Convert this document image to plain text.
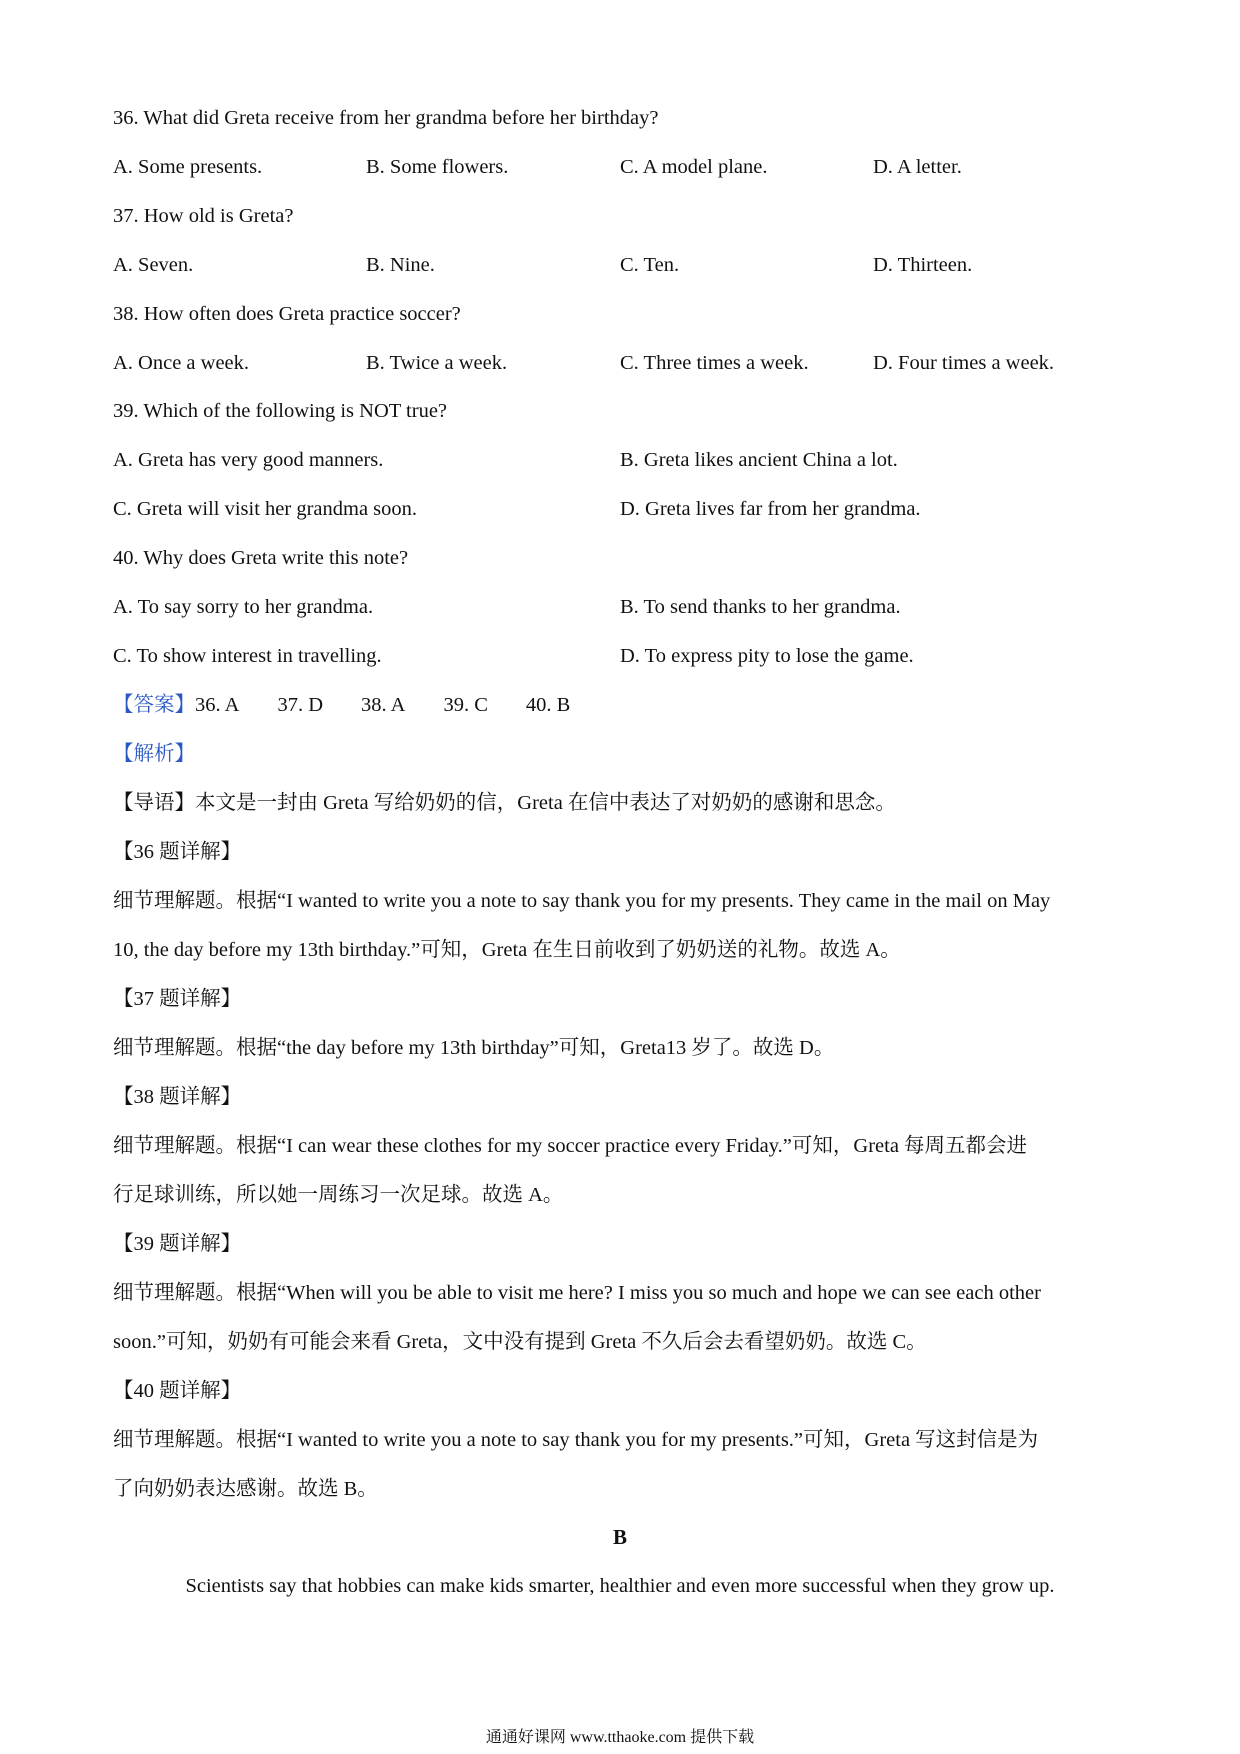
36. What did Greta receive from her grandma before her birthday?
A. Some presents.	B. Some flowers.	C. A model plane.	D. A letter.
37. How old is Greta?
A. Seven.	B. Nine.	C. Ten.	D. Thirteen.
38. How often does Greta practice soccer?
A. Once a week.	B. Twice a week.	C. Three times a week.	D. Four times a week.
39. Which of the following is NOT true?
A. Greta has very good manners.	B. Greta likes ancient China a lot.
C. Greta will visit her grandma soon.	D. Greta lives far from her grandma.
40. Why does Greta write this note?
A. To say sorry to her grandma.	B. To send thanks to her grandma.
C. To show interest in travelling.	D. To express pity to lose the game.
【答案】36. A 37. D 38. A 39. C 40. B
【解析】
【导语】本文是一封由 Greta 写给奶奶的信，Greta 在信中表达了对奶奶的感谢和思念。
【36 题详解】
细节理解题。根据“I wanted to write you a note to say thank you for my presents. They came in the mail on May
10, the day before my 13th birthday.”可知，Greta 在生日前收到了奶奶送的礼物。故选 A。
【37 题详解】
细节理解题。根据“the day before my 13th birthday”可知，Greta13 岁了。故选 D。
【38 题详解】
细节理解题。根据“I can wear these clothes for my soccer practice every Friday.”可知，Greta 每周五都会进
行足球训练，所以她一周练习一次足球。故选 A。
【39 题详解】
细节理解题。根据“When will you be able to visit me here? I miss you so much and hope we can see each other
soon.”可知，奶奶有可能会来看 Greta，文中没有提到 Greta 不久后会去看望奶奶。故选 C。
【40 题详解】
细节理解题。根据“I wanted to write you a note to say thank you for my presents.”可知，Greta 写这封信是为
了向奶奶表达感谢。故选 B。
B
Scientists say that hobbies can make kids smarter, healthier and even more successful when they grow up.
通通好课网 www.tthaoke.com 提供下载
